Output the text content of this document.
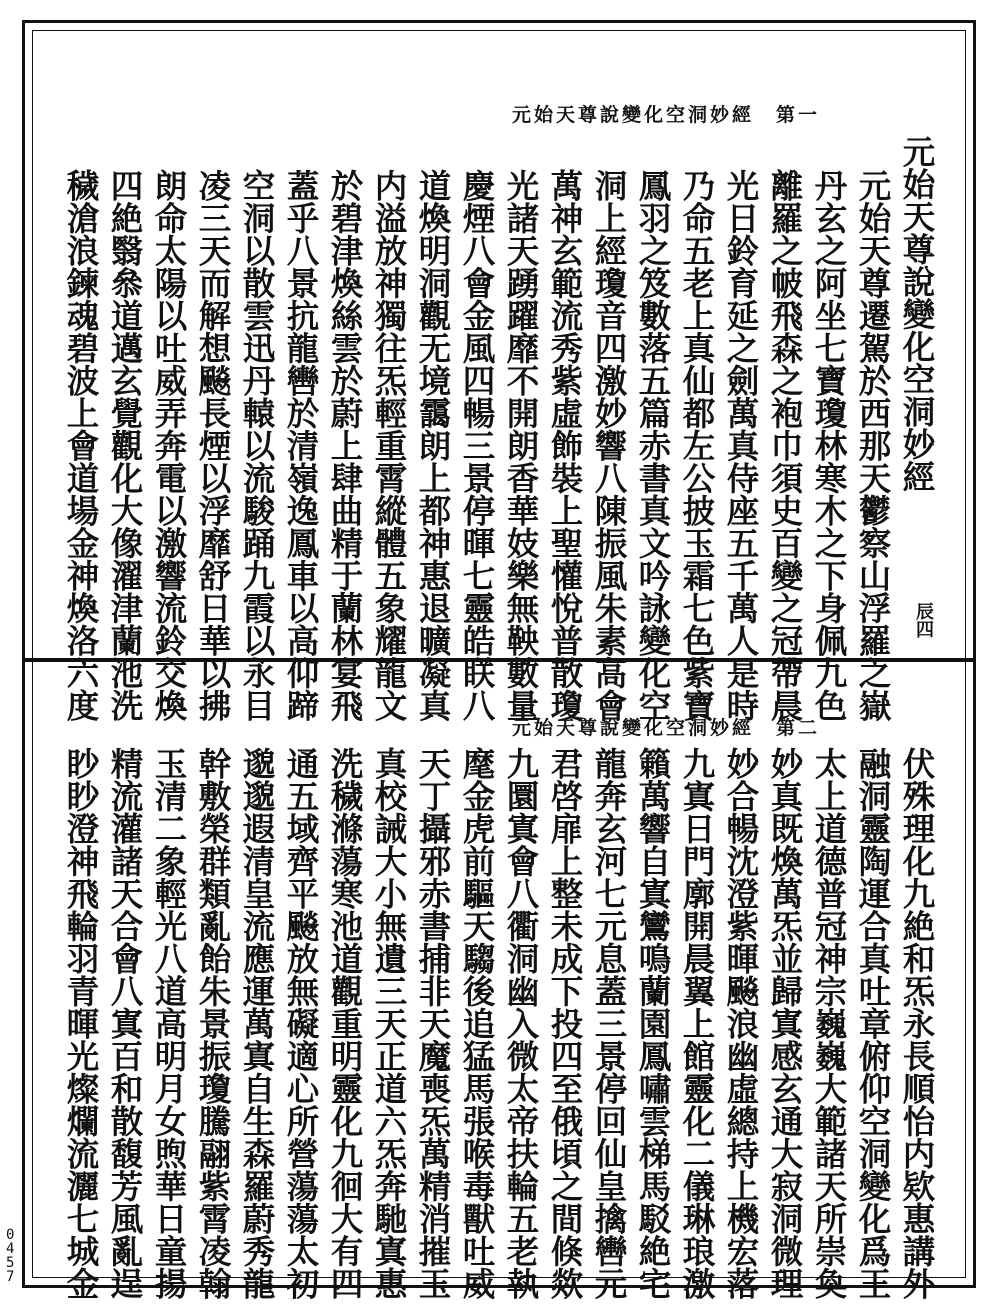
0
4
5
7
元始天尊說變化空洞妙經　第一
辰四
元始天尊說變化空洞妙經
元始天尊遷駕於西那天鬱察山浮羅之嶽
丹玄之阿坐七寶瓊林寒木之下身佩九色
離羅之帔飛森之袍巾須史百變之冠帶晨
光日鈴育延之劍萬真侍座五千萬人是時
乃命五老上真仙都左公披玉霜七色紫寶
鳳羽之笈數落五篇赤書真文吟詠變化空
洞上經瓊音四激妙響八陳振風朱素高會
萬神玄範流秀紫虛飾裝上聖懽悅普散瓊
光諸天踴躍靡不開朗香華妓樂無鞅數量
慶煙八會金風四暢三景停暉七靈皓眹八
道煥明洞觀无境靄朗上都神惠退曠凝真
内溢放神獨往炁輕重霄縱體五象耀龍文
於碧津煥絲雲於蔚上肆曲精于蘭林宴飛
蓋乎八景抗龍轡於清嶺逸鳳車以高仰蹄
空洞以散雲迅丹轅以流駿踊九霞以永目
凌三天而解想飈長煙以浮靡舒日華以拂
朗命太陽以吐威弄奔電以激響流鈴交煥
四絶翳叅道邁玄覺觀化大像濯津蘭池洗
穢滄浪鍊魂碧波上會道場金神煥洛六度
元始天尊說變化空洞妙經　第二
伏殊理化九絶和炁永長順怡内欵惠講外
融洞靈陶運合真吐章俯仰空洞變化爲王
太上道德普冠神宗巍巍大範諸天所崇奐
妙真既煥萬炁並歸寘感玄通大寂洞微理
妙合暢沈澄紫暉飈浪幽虛總持上機宏落
九寘日門廓開晨翼上館靈化二儀琳琅激
籟萬響自寘鸞鳴蘭園鳳嘯雲梯馬駁絶宅
龍奔玄河七元息蓋三景停回仙皇擒轡元
君啓扉上整未成下投四至俄頃之間倏欻
九圜寘會八衢洞幽入微太帝扶輪五老執
麾金虎前驅天騶後追猛馬張喉毒獸吐威
天丁攝邪赤書捕非天魔喪炁萬精消摧玉
真校誡大小無遺三天正道六炁奔馳寘惠
洗穢滌蕩寒池道觀重明靈化九徊大有四
通五域齊平飈放無礙適心所營蕩蕩太初
邈邈遐清皇流應運萬寘自生森羅蔚秀龍
幹敷榮群類亂飴朱景振瓊騰翮紫霄凌翰
玉清二象輕光八道高明月女煦華日童揚
精流灌諸天合會八寘百和散馥芳風亂逞
眇眇澄神飛輪羽青暉光燦爛流灑七城金
